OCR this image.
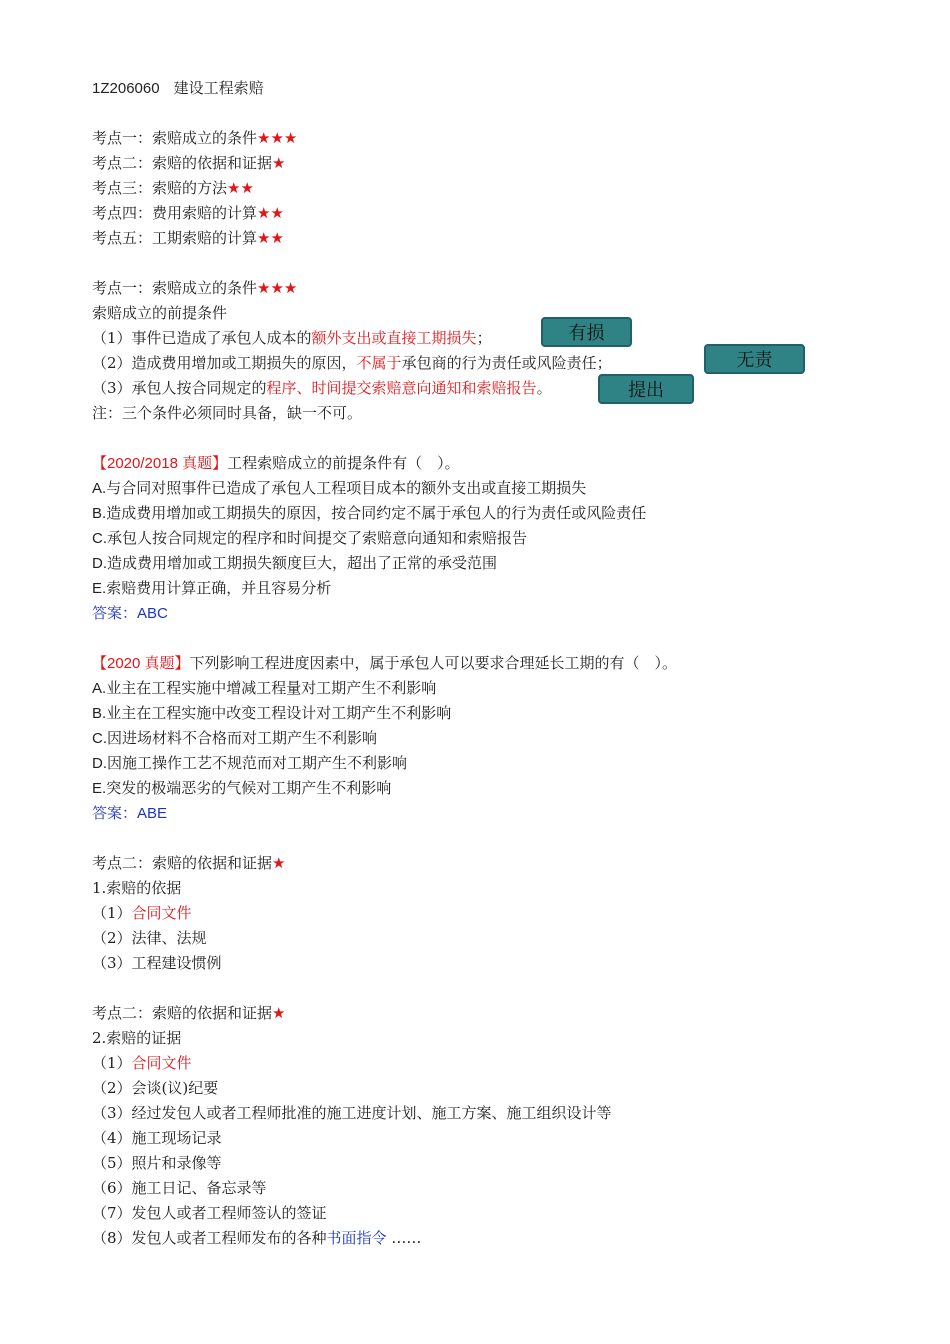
1Z206060 建设工程索赔
考点一：索赔成立的条件★★★
考点二：索赔的依据和证据★
考点三：索赔的方法★★
考点四：费用索赔的计算★★
考点五：工期索赔的计算★★
考点一：索赔成立的条件★★★
索赔成立的前提条件
（1）事件已造成了承包人成本的额外支出或直接工期损失；
（2）造成费用增加或工期损失的原因，不属于承包商的行为责任或风险责任；
（3）承包人按合同规定的程序、时间提交索赔意向通知和索赔报告。
注：三个条件必须同时具备，缺一不可。
【2020/2018 真题】工程索赔成立的前提条件有（　）。
A.与合同对照事件已造成了承包人工程项目成本的额外支出或直接工期损失
B.造成费用增加或工期损失的原因，按合同约定不属于承包人的行为责任或风险责任
C.承包人按合同规定的程序和时间提交了索赔意向通知和索赔报告
D.造成费用增加或工期损失额度巨大，超出了正常的承受范围
E.索赔费用计算正确，并且容易分析
答案：ABC
【2020 真题】下列影响工程进度因素中，属于承包人可以要求合理延长工期的有（　）。
A.业主在工程实施中增减工程量对工期产生不利影响
B.业主在工程实施中改变工程设计对工期产生不利影响
C.因进场材料不合格而对工期产生不利影响
D.因施工操作工艺不规范而对工期产生不利影响
E.突发的极端恶劣的气候对工期产生不利影响
答案：ABE
考点二：索赔的依据和证据★
1.索赔的依据
（1）合同文件
（2）法律、法规
（3）工程建设惯例
考点二：索赔的依据和证据★
2.索赔的证据
（1）合同文件
（2）会谈(议)纪要
（3）经过发包人或者工程师批准的施工进度计划、施工方案、施工组织设计等
（4）施工现场记录
（5）照片和录像等
（6）施工日记、备忘录等
（7）发包人或者工程师签认的签证
（8）发包人或者工程师发布的各种书面指令 ……
有损
无责
提出
